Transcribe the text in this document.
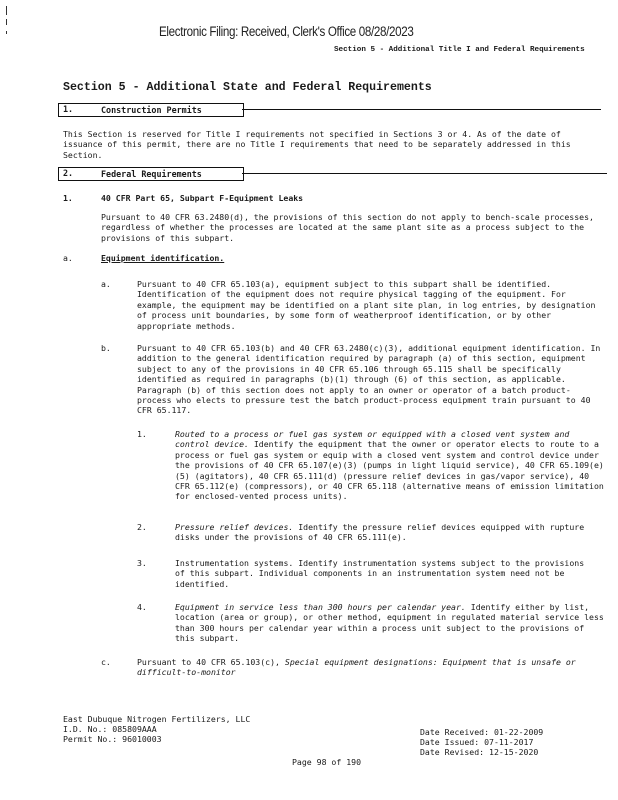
Electronic Filing: Received, Clerk's Office 08/28/2023
Section 5 - Additional Title I and Federal Requirements
Section 5 - Additional State and Federal Requirements
1.	Construction Permits
This Section is reserved for Title I requirements not specified in Sections 3 or 4. As of the date of issuance of this permit, there are no Title I requirements that need to be separately addressed in this Section.
2.	Federal Requirements
1.	40 CFR Part 65, Subpart F-Equipment Leaks
Pursuant to 40 CFR 63.2480(d), the provisions of this section do not apply to bench-scale processes, regardless of whether the processes are located at the same plant site as a process subject to the provisions of this subpart.
a.	Equipment identification.
a.	Pursuant to 40 CFR 65.103(a), equipment subject to this subpart shall be identified. Identification of the equipment does not require physical tagging of the equipment. For example, the equipment may be identified on a plant site plan, in log entries, by designation of process unit boundaries, by some form of weatherproof identification, or by other appropriate methods.
b.	Pursuant to 40 CFR 65.103(b) and 40 CFR 63.2480(c)(3), additional equipment identification. In addition to the general identification required by paragraph (a) of this section, equipment subject to any of the provisions in 40 CFR 65.106 through 65.115 shall be specifically identified as required in paragraphs (b)(1) through (6) of this section, as applicable. Paragraph (b) of this section does not apply to an owner or operator of a batch product-process who elects to pressure test the batch product-process equipment train pursuant to 40 CFR 65.117.
1.	Routed to a process or fuel gas system or equipped with a closed vent system and control device. Identify the equipment that the owner or operator elects to route to a process or fuel gas system or equip with a closed vent system and control device under the provisions of 40 CFR 65.107(e)(3) (pumps in light liquid service), 40 CFR 65.109(e)(5) (agitators), 40 CFR 65.111(d) (pressure relief devices in gas/vapor service), 40 CFR 65.112(e) (compressors), or 40 CFR 65.118 (alternative means of emission limitation for enclosed-vented process units).
2.	Pressure relief devices. Identify the pressure relief devices equipped with rupture disks under the provisions of 40 CFR 65.111(e).
3.	Instrumentation systems. Identify instrumentation systems subject to the provisions of this subpart. Individual components in an instrumentation system need not be identified.
4.	Equipment in service less than 300 hours per calendar year. Identify either by list, location (area or group), or other method, equipment in regulated material service less than 300 hours per calendar year within a process unit subject to the provisions of this subpart.
c.	Pursuant to 40 CFR 65.103(c), Special equipment designations: Equipment that is unsafe or difficult-to-monitor
East Dubuque Nitrogen Fertilizers, LLC
I.D. No.: 085809AAA
Permit No.: 96010003
Date Received: 01-22-2009
Date Issued: 07-11-2017
Date Revised: 12-15-2020
Page 98 of 190
